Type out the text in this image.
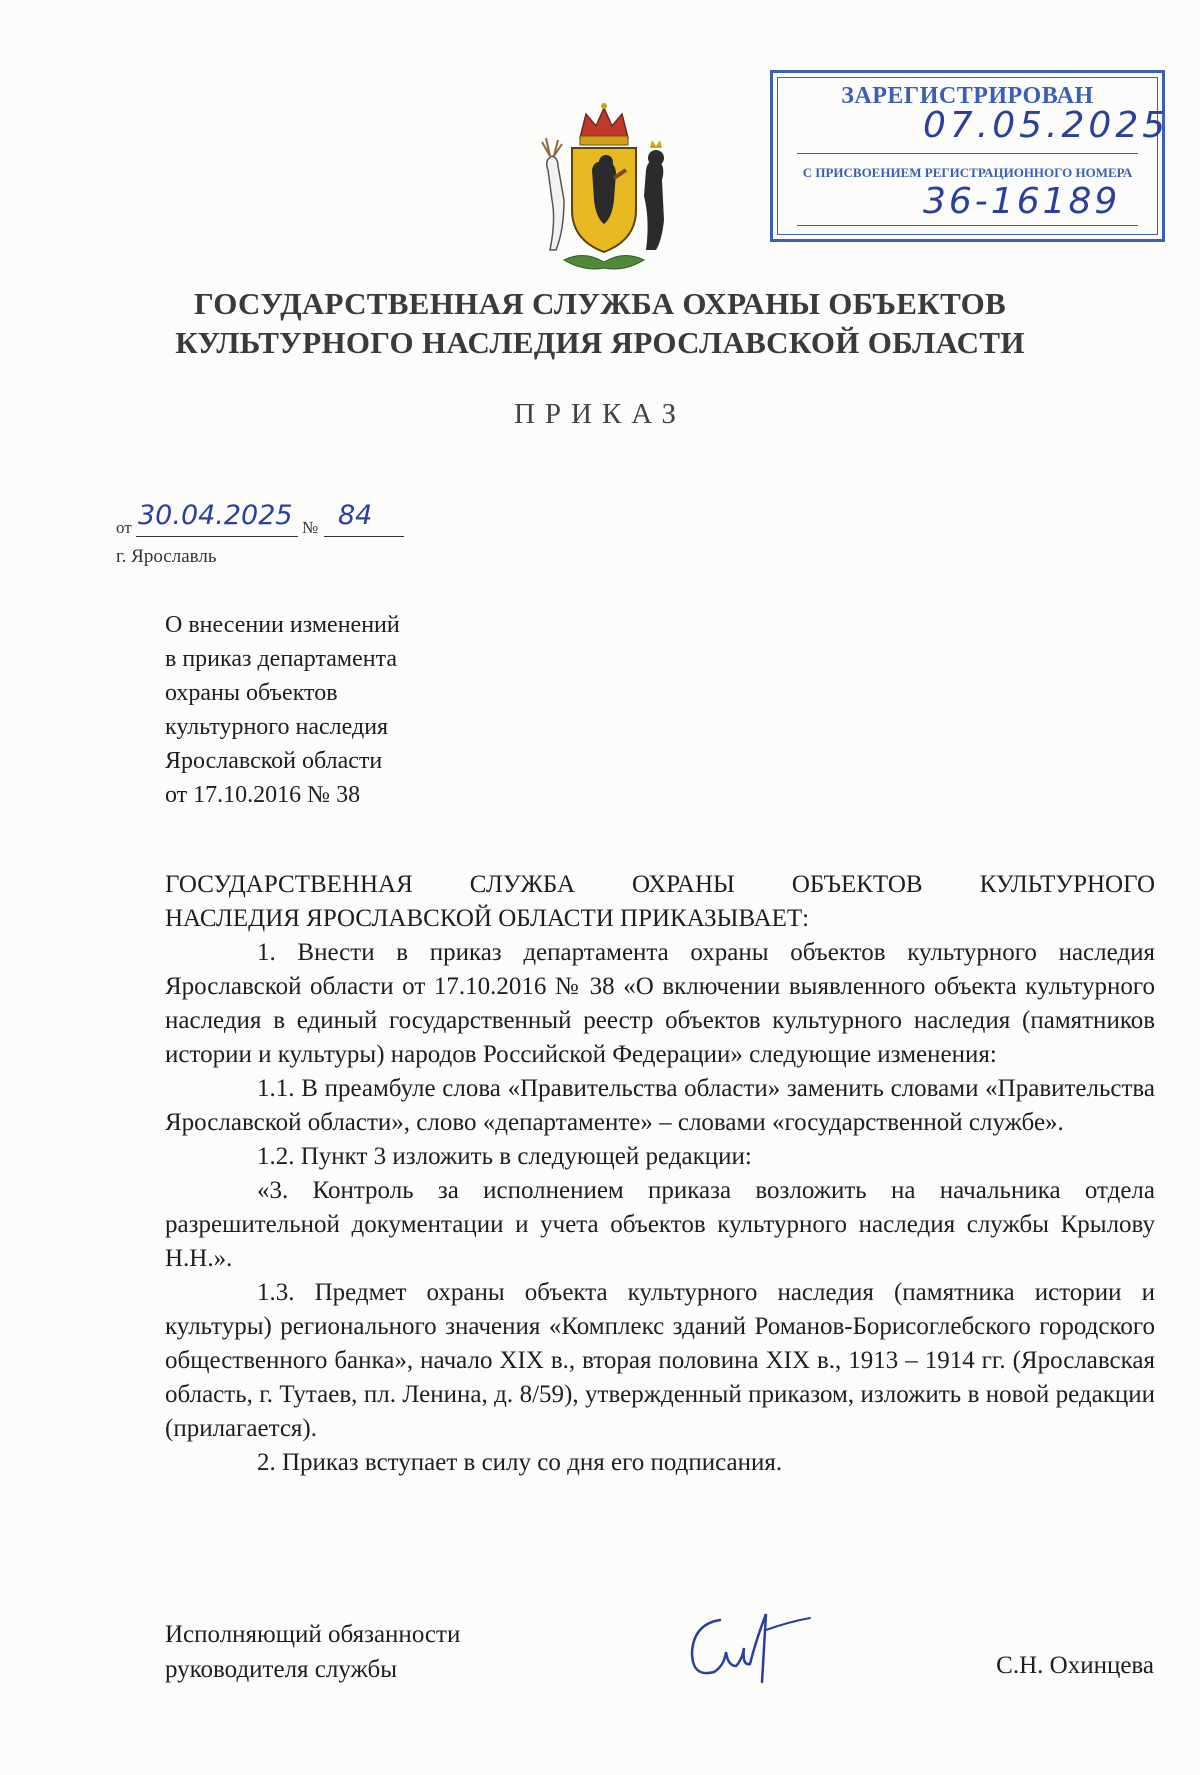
ЗАРЕГИСТРИРОВАН
07.05.2025
С ПРИСВОЕНИЕМ РЕГИСТРАЦИОННОГО НОМЕРА
36-16189
ГОСУДАРСТВЕННАЯ СЛУЖБА ОХРАНЫ ОБЪЕКТОВ
КУЛЬТУРНОГО НАСЛЕДИЯ ЯРОСЛАВСКОЙ ОБЛАСТИ
ПРИКАЗ
от 30.04.2025 № 84
г. Ярославль
О внесении изменений
в приказ департамента
охраны объектов
культурного наследия
Ярославской области
от 17.10.2016 № 38

ГОСУДАРСТВЕННАЯ СЛУЖБА ОХРАНЫ ОБЪЕКТОВ КУЛЬТУРНОГО

НАСЛЕДИЯ ЯРОСЛАВСКОЙ ОБЛАСТИ ПРИКАЗЫВАЕТ:

1. Внести в приказ департамента охраны объектов культурного наследия Ярославской области от 17.10.2016 № 38 «О включении выявленного объекта культурного наследия в единый государственный реестр объектов культурного наследия (памятников истории и культуры) народов Российской Федерации» следующие изменения:

1.1. В преамбуле слова «Правительства области» заменить словами «Правительства Ярославской области», слово «департаменте» – словами «государственной службе».

1.2. Пункт 3 изложить в следующей редакции:

«3. Контроль за исполнением приказа возложить на начальника отдела разрешительной документации и учета объектов культурного наследия службы Крылову Н.Н.».

1.3. Предмет охраны объекта культурного наследия (памятника истории и культуры) регионального значения «Комплекс зданий Романов-Борисоглебского городского общественного банка», начало XIX в., вторая половина XIX в., 1913 – 1914 гг. (Ярославская область, г. Тутаев, пл. Ленина, д. 8/59), утвержденный приказом, изложить в новой редакции (прилагается).

2. Приказ вступает в силу со дня его подписания.

Исполняющий обязанности
руководителя службы	С.Н. Охинцева
